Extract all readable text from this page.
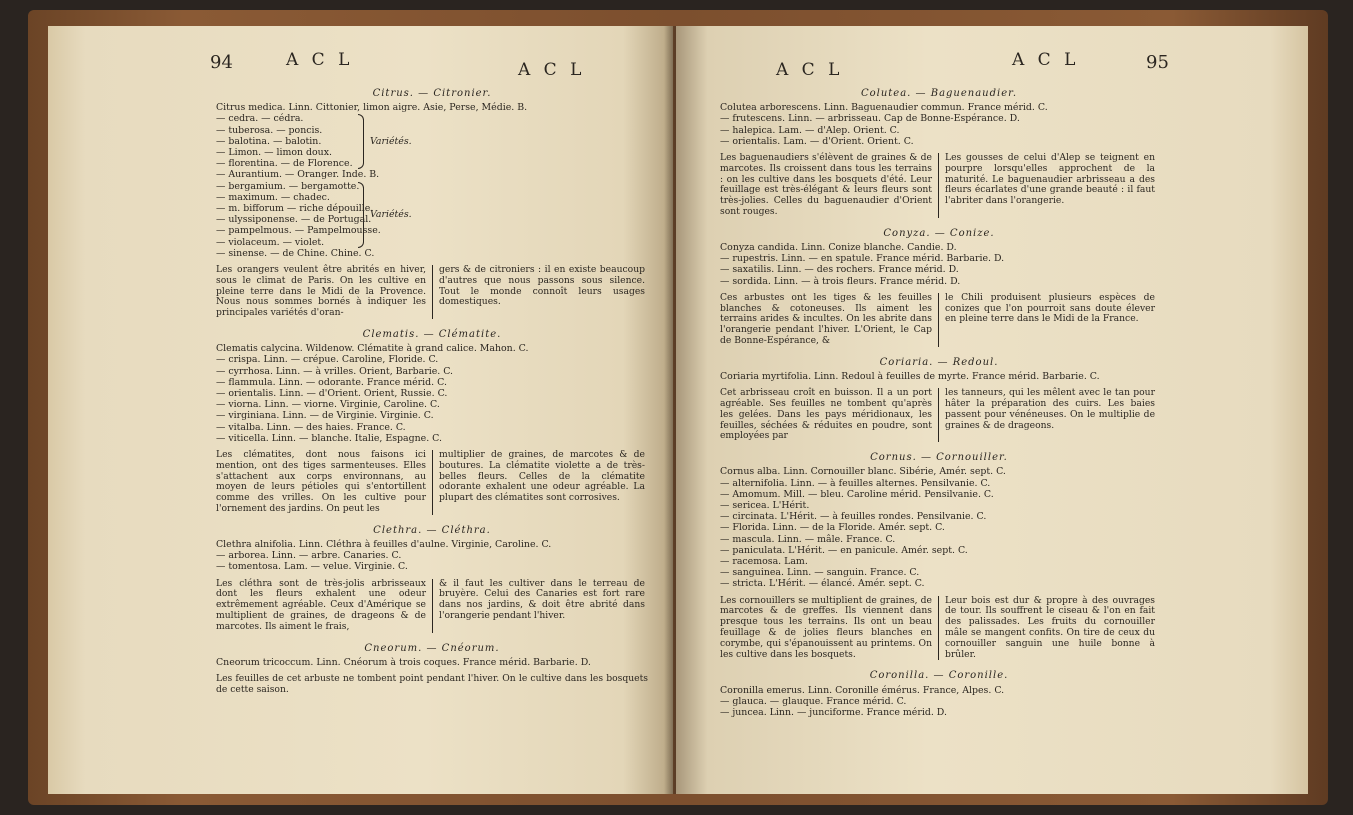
94	A C L	A C L
Citrus. — Citronier.
Citrus medica. Linn. Cittonier, limon aigre. Asie, Perse, Médie. B.
— cedra. — cédra.
— tuberosa. — poncis.
— balotina. — balotin.
— Limon. — limon doux.
— florentina. — de Florence.
— Aurantium. — Oranger. Inde. B.
— bergamium. — bergamotte.
— maximum. — chadec.
— m. bifforum — riche dépouille.
— ulyssiponense. — de Portugal.
— pampelmous. — Pampelmousse.
— violaceum. — violet.
— sinense. — de Chine. Chine. C.
Variétés.
Variétés.
Les orangers veulent être abrités en hiver, sous le climat de Paris. On les cultive en pleine terre dans le Midi de la Provence. Nous nous sommes bornés à indiquer les principales variétés d'oran-
gers & de citroniers : il en existe beaucoup d'autres que nous passons sous silence. Tout le monde connoît leurs usages domestiques.
Clematis. — Clématite.
Clematis calycina. Wildenow. Clématite à grand calice. Mahon. C.
— crispa. Linn. — crépue. Caroline, Floride. C.
— cyrrhosa. Linn. — à vrilles. Orient, Barbarie. C.
— flammula. Linn. — odorante. France mérid. C.
— orientalis. Linn. — d'Orient. Orient, Russie. C.
— viorna. Linn. — viorne. Virginie, Caroline. C.
— virginiana. Linn. — de Virginie. Virginie. C.
— vitalba. Linn. — des haies. France. C.
— viticella. Linn. — blanche. Italie, Espagne. C.
Les clématites, dont nous faisons ici mention, ont des tiges sarmenteuses. Elles s'attachent aux corps environnans, au moyen de leurs pétioles qui s'entortillent comme des vrilles. On les cultive pour l'ornement des jardins. On peut les
multiplier de graines, de marcotes & de boutures. La clématite violette a de très-belles fleurs. Celles de la clématite odorante exhalent une odeur agréable. La plupart des clématites sont corrosives.
Clethra. — Cléthra.
Clethra alnifolia. Linn. Cléthra à feuilles d'aulne. Virginie, Caroline. C.
— arborea. Linn. — arbre. Canaries. C.
— tomentosa. Lam. — velue. Virginie. C.
Les cléthra sont de très-jolis arbrisseaux dont les fleurs exhalent une odeur extrêmement agréable. Ceux d'Amérique se multiplient de graines, de drageons & de marcotes. Ils aiment le frais,
& il faut les cultiver dans le terreau de bruyère. Celui des Canaries est fort rare dans nos jardins, & doit être abrité dans l'orangerie pendant l'hiver.
Cneorum. — Cnéorum.
Cneorum tricoccum. Linn. Cnéorum à trois coques. France mérid. Barbarie. D.
Les feuilles de cet arbuste ne tombent point pendant l'hiver. On le cultive dans les bosquets de cette saison.
A C L	A C L	95
Colutea. — Baguenaudier.
Colutea arborescens. Linn. Baguenaudier commun. France mérid. C.
— frutescens. Linn. — arbrisseau. Cap de Bonne-Espérance. D.
— halepica. Lam. — d'Alep. Orient. C.
— orientalis. Lam. — d'Orient. Orient. C.
Les baguenaudiers s'élèvent de graines & de marcotes. Ils croissent dans tous les terrains : on les cultive dans les bosquets d'été. Leur feuillage est très-élégant & leurs fleurs sont très-jolies. Celles du baguenaudier d'Orient sont rouges.
Les gousses de celui d'Alep se teignent en pourpre lorsqu'elles approchent de la maturité. Le baguenaudier arbrisseau a des fleurs écarlates d'une grande beauté : il faut l'abriter dans l'orangerie.
Conyza. — Conize.
Conyza candida. Linn. Conize blanche. Candie. D.
— rupestris. Linn. — en spatule. France mérid. Barbarie. D.
— saxatilis. Linn. — des rochers. France mérid. D.
— sordida. Linn. — à trois fleurs. France mérid. D.
Ces arbustes ont les tiges & les feuilles blanches & cotoneuses. Ils aiment les terrains arides & incultes. On les abrite dans l'orangerie pendant l'hiver. L'Orient, le Cap de Bonne-Espérance, &
le Chili produisent plusieurs espèces de conizes que l'on pourroit sans doute élever en pleine terre dans le Midi de la France.
Coriaria. — Redoul.
Coriaria myrtifolia. Linn. Redoul à feuilles de myrte. France mérid. Barbarie. C.
Cet arbrisseau croît en buisson. Il a un port agréable. Ses feuilles ne tombent qu'après les gelées. Dans les pays méridionaux, les feuilles, séchées & réduites en poudre, sont employées par
les tanneurs, qui les mêlent avec le tan pour hâter la préparation des cuirs. Les baies passent pour vénéneuses. On le multiplie de graines & de drageons.
Cornus. — Cornouiller.
Cornus alba. Linn. Cornouiller blanc. Sibérie, Amér. sept. C.
— alternifolia. Linn. — à feuilles alternes. Pensilvanie. C.
— Amomum. Mill. — bleu. Caroline mérid. Pensilvanie. C.
— sericea. L'Hérit.
— circinata. L'Hérit. — à feuilles rondes. Pensilvanie. C.
— Florida. Linn. — de la Floride. Amér. sept. C.
— mascula. Linn. — mâle. France. C.
— paniculata. L'Hérit. — en panicule. Amér. sept. C.
— racemosa. Lam.
— sanguinea. Linn. — sanguin. France. C.
— stricta. L'Hérit. — élancé. Amér. sept. C.
Les cornouillers se multiplient de graines, de marcotes & de greffes. Ils viennent dans presque tous les terrains. Ils ont un beau feuillage & de jolies fleurs blanches en corymbe, qui s'épanouissent au printems. On les cultive dans les bosquets.
Leur bois est dur & propre à des ouvrages de tour. Ils souffrent le ciseau & l'on en fait des palissades. Les fruits du cornouiller mâle se mangent confits. On tire de ceux du cornouiller sanguin une huile bonne à brûler.
Coronilla. — Coronille.
Coronilla emerus. Linn. Coronille émérus. France, Alpes. C.
— glauca. — glauque. France mérid. C.
— juncea. Linn. — junciforme. France mérid. D.
